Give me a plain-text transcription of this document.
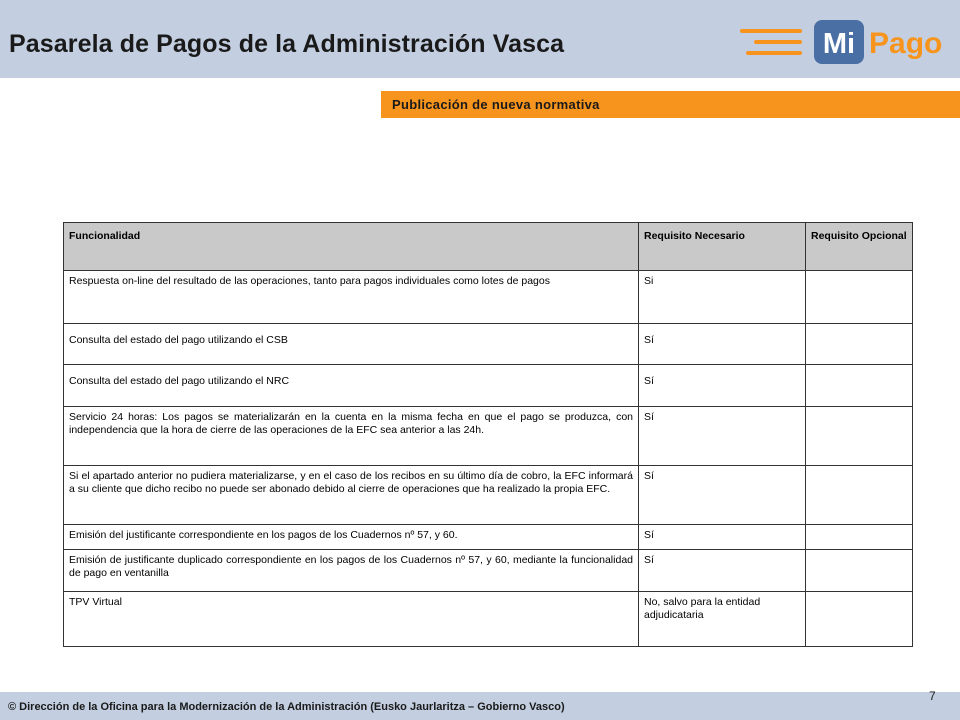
Pasarela de Pagos de la Administración Vasca	Mi Pago
Publicación de nueva normativa
Funcionalidad	Requisito Necesario	Requisito Opcional
Respuesta on-line del resultado de las operaciones, tanto para pagos individuales como lotes de pagos	Si	
Consulta del estado del pago utilizando el CSB	Sí	
Consulta del estado del pago utilizando el NRC	Sí	
Servicio 24 horas: Los pagos se materializarán en la cuenta en la misma fecha en que el pago se produzca, con independencia que la hora de cierre de las operaciones de la EFC sea anterior a las 24h.	Sí	
Si el apartado anterior no pudiera materializarse, y en el caso de los recibos en su último día de cobro, la EFC informará a su cliente que dicho recibo no puede ser abonado debido al cierre de operaciones que ha realizado la propia EFC.	Sí	
Emisión del justificante correspondiente en los pagos de los Cuadernos nº 57, y 60.	Sí	
Emisión de justificante duplicado correspondiente en los pagos de los Cuadernos nº 57, y 60, mediante la funcionalidad de pago en ventanilla	Sí	
TPV Virtual	No, salvo para la entidad adjudicataria	
© Dirección de la Oficina para la Modernización de la Administración (Eusko Jaurlaritza – Gobierno Vasco)
7
